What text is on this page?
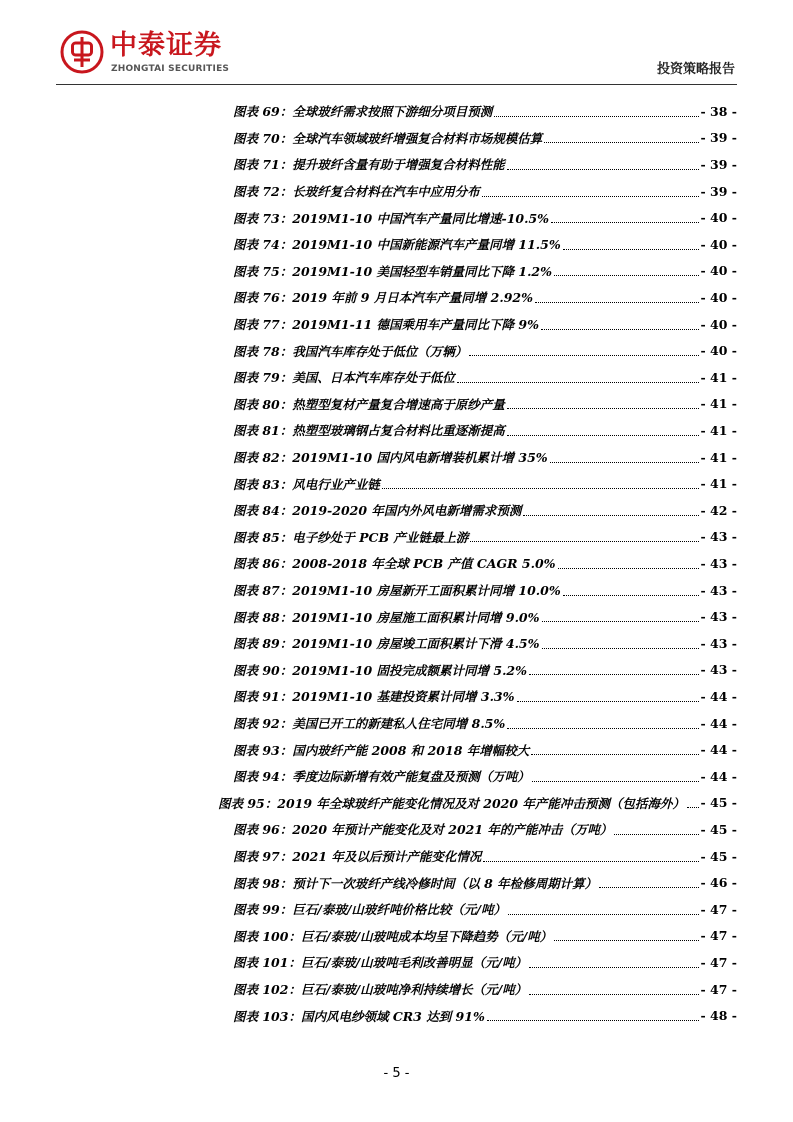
中泰证券
ZHONGTAI SECURITIES	投资策略报告
图表 69 ： 全球玻纤需求按照下游细分项目预测	- 38 -
图表 70 ： 全球汽车领域玻纤增强复合材料市场规模估算	- 39 -
图表 71 ： 提升玻纤含量有助于增强复合材料性能	- 39 -
图表 72 ： 长玻纤复合材料在汽车中应用分布	- 39 -
图表 73 ： 2019M1-10 中国汽车产量同比增速-10.5%	- 40 -
图表 74 ： 2019M1-10 中国新能源汽车产量同增 11.5%	- 40 -
图表 75 ： 2019M1-10 美国轻型车销量同比下降 1.2%	- 40 -
图表 76 ： 2019 年前 9 月日本汽车产量同增 2.92%	- 40 -
图表 77 ： 2019M1-11 德国乘用车产量同比下降 9%	- 40 -
图表 78 ： 我国汽车库存处于低位（万辆）	- 40 -
图表 79 ： 美国、日本汽车库存处于低位	- 41 -
图表 80 ： 热塑型复材产量复合增速高于原纱产量	- 41 -
图表 81 ： 热塑型玻璃钢占复合材料比重逐渐提高	- 41 -
图表 82 ： 2019M1-10 国内风电新增装机累计增 35%	- 41 -
图表 83 ： 风电行业产业链	- 41 -
图表 84 ： 2019-2020 年国内外风电新增需求预测	- 42 -
图表 85 ： 电子纱处于 PCB 产业链最上游	- 43 -
图表 86 ： 2008-2018 年全球 PCB 产值 CAGR 5.0%	- 43 -
图表 87 ： 2019M1-10 房屋新开工面积累计同增 10.0%	- 43 -
图表 88 ： 2019M1-10 房屋施工面积累计同增 9.0%	- 43 -
图表 89 ： 2019M1-10 房屋竣工面积累计下滑 4.5%	- 43 -
图表 90 ： 2019M1-10 固投完成额累计同增 5.2%	- 43 -
图表 91 ： 2019M1-10 基建投资累计同增 3.3%	- 44 -
图表 92 ： 美国已开工的新建私人住宅同增 8.5%	- 44 -
图表 93 ： 国内玻纤产能 2008 和 2018 年增幅较大	- 44 -
图表 94 ： 季度边际新增有效产能复盘及预测（万吨）	- 44 -
图表 95 ： 2019 年全球玻纤产能变化情况及对 2020 年产能冲击预测（包括海外） - 45 -
图表 96 ： 2020 年预计产能变化及对 2021 年的产能冲击（万吨）	- 45 -
图表 97 ： 2021 年及以后预计产能变化情况	- 45 -
图表 98 ： 预计下一次玻纤产线冷修时间（以 8 年检修周期计算）	- 46 -
图表 99 ： 巨石/泰玻/山玻纤吨价格比较（元/吨）	- 47 -
图表 100 ： 巨石/泰玻/山玻吨成本均呈下降趋势（元/吨）	- 47 -
图表 101 ： 巨石/泰玻/山玻吨毛利改善明显（元/吨）	- 47 -
图表 102 ： 巨石/泰玻/山玻吨净利持续增长（元/吨）	- 47 -
图表 103 ： 国内风电纱领域 CR3 达到 91%	- 48 -
- 5 -
